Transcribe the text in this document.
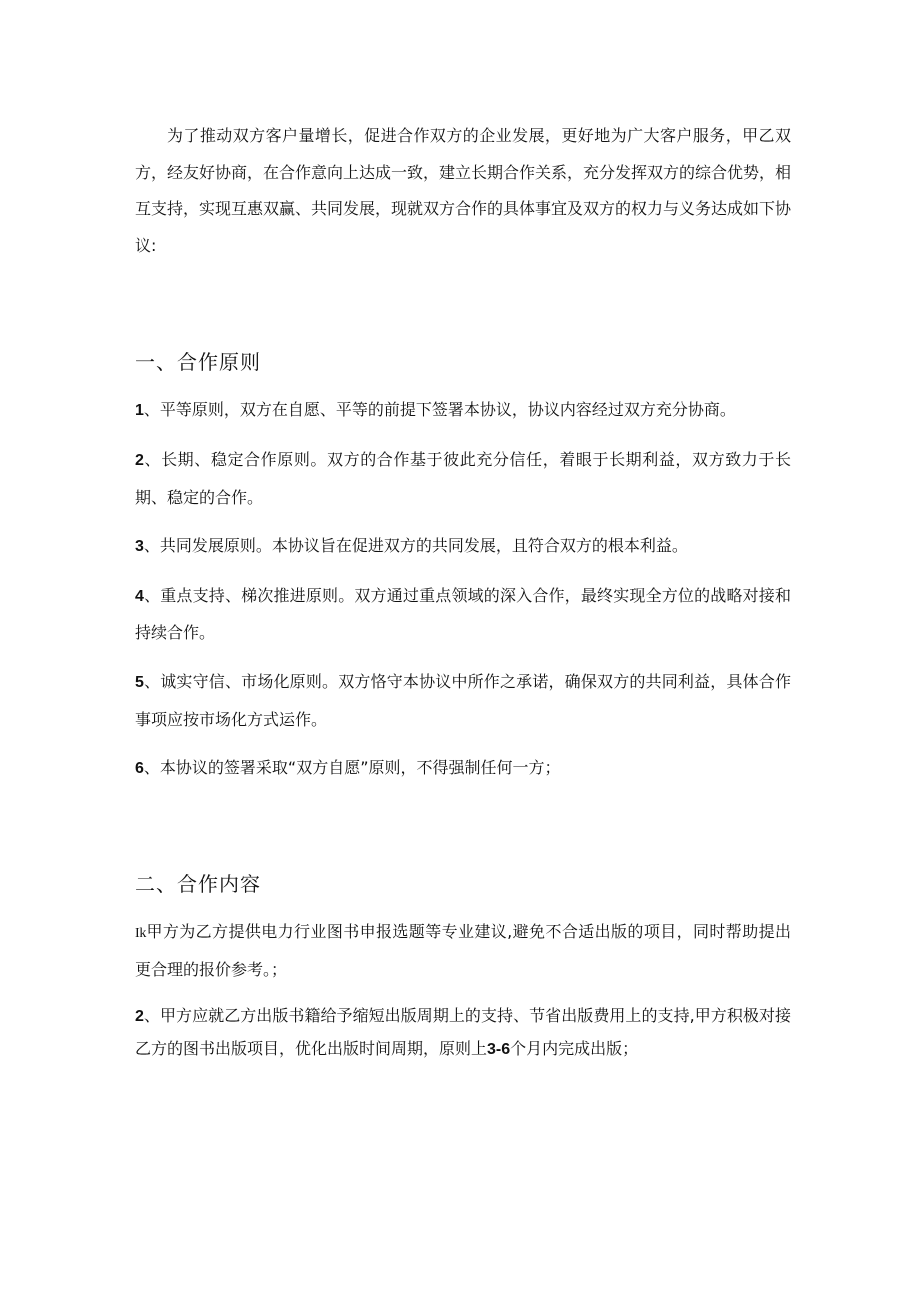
为了推动双方客户量增长，促进合作双方的企业发展，更好地为广大客户服务，甲乙双方，经友好协商，在合作意向上达成一致，建立长期合作关系，充分发挥双方的综合优势，相互支持，实现互惠双赢、共同发展，现就双方合作的具体事宜及双方的权力与义务达成如下协议:

一、合作原则

1、平等原则，双方在自愿、平等的前提下签署本协议，协议内容经过双方充分协商。

2、长期、稳定合作原则。双方的合作基于彼此充分信任，着眼于长期利益，双方致力于长期、稳定的合作。

3、共同发展原则。本协议旨在促进双方的共同发展，且符合双方的根本利益。

4、重点支持、梯次推进原则。双方通过重点领域的深入合作，最终实现全方位的战略对接和持续合作。

5、诚实守信、市场化原则。双方恪守本协议中所作之承诺，确保双方的共同利益，具体合作事项应按市场化方式运作。

6、本协议的签署采取“双方自愿”原则，不得强制任何一方；

二、合作内容

Ik甲方为乙方提供电力行业图书申报选题等专业建议,避免不合适出版的项目，同时帮助提出更合理的报价参考。；

2、甲方应就乙方出版书籍给予缩短出版周期上的支持、节省出版费用上的支持,甲方积极对接乙方的图书出版项目，优化出版时间周期，原则上3-6个月内完成出版；
